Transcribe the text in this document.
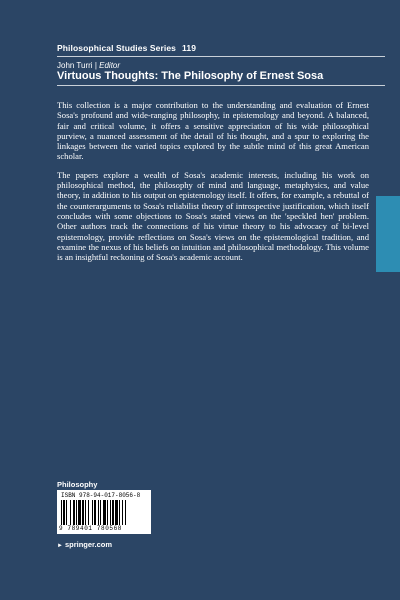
Philosophical Studies Series 119
John Turri | Editor
Virtuous Thoughts: The Philosophy of Ernest Sosa

This collection is a major contribution to the understanding and evaluation of Ernest Sosa's profound and wide-ranging philosophy, in epistemology and beyond. A balanced, fair and critical volume, it offers a sensitive appreciation of his wide philosophical purview, a nuanced assessment of the detail of his thought, and a spur to exploring the linkages between the varied topics explored by the subtle mind of this great American scholar.

The papers explore a wealth of Sosa's academic interests, including his work on philosophical method, the philosophy of mind and language, metaphysics, and value theory, in addition to his output on epistemology itself. It offers, for example, a rebuttal of the counterarguments to Sosa's reliabilist theory of introspective justification, which itself concludes with some objections to Sosa's stated views on the 'speckled hen' problem. Other authors track the connections of his virtue theory to his advocacy of bi-level epistemology, provide reflections on Sosa's views on the epistemological tradition, and examine the nexus of his beliefs on intuition and philosophical methodology. This volume is an insightful reckoning of Sosa's academic account.

Philosophy
ISBN 978-94-017-8056-8
9 789401 780568
► springer.com
